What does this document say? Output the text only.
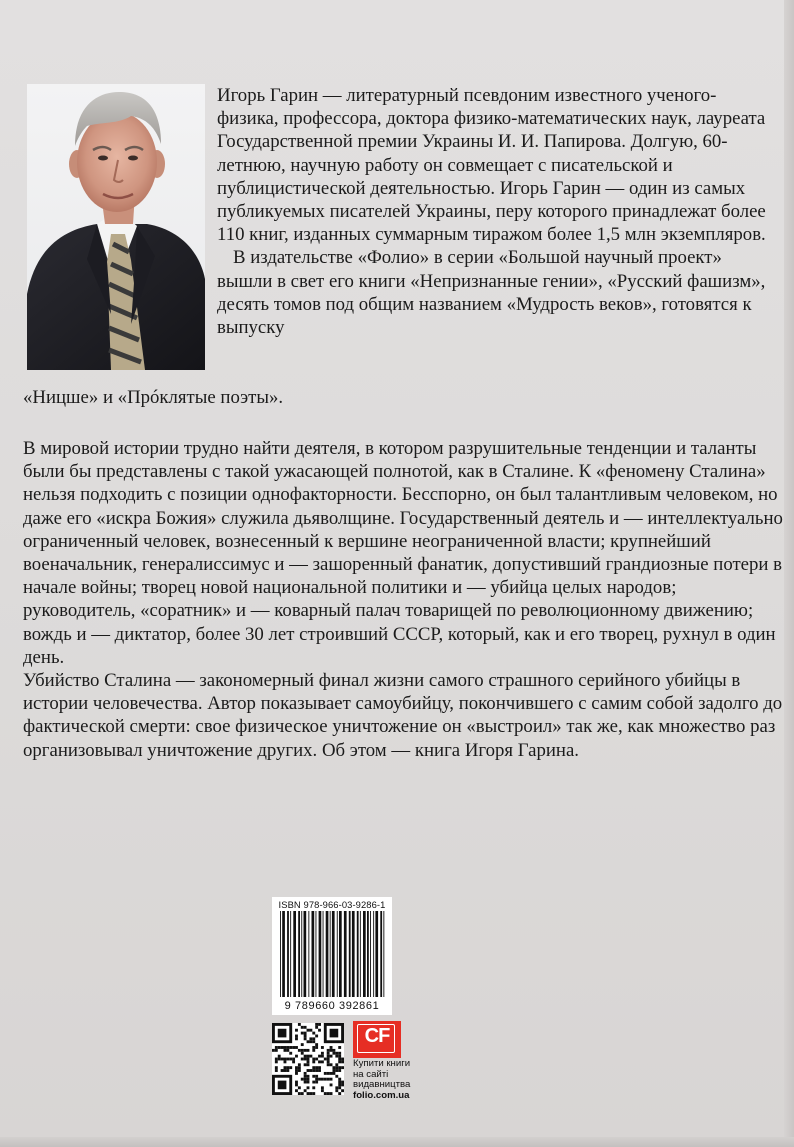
Игорь Гарин — литературный псевдоним известного ученого-физика, профессора, доктора физико-математических наук, лауреата Государственной премии Украины И. И. Папирова. Долгую, 60-летнюю, научную работу он совмещает с писательской и публицистической деятельностью. Игорь Гарин — один из самых публикуемых писателей Украины, перу которого принадлежат более 110 книг, изданных суммарным тиражом более 1,5 млн экземпляров.

В издательстве «Фолио» в серии «Большой научный проект» вышли в свет его книги «Непризнанные гении», «Русский фашизм», десять томов под общим названием «Мудрость веков», готовятся к выпуску

«Ницше» и «Прóклятые поэты».

В мировой истории трудно найти деятеля, в котором разрушительные тенденции и таланты были бы представлены с такой ужасающей полнотой, как в Сталине. К «феномену Сталина» нельзя подходить с позиции однофакторности. Бесспорно, он был талантливым человеком, но даже его «искра Божия» служила дьяволщине. Государственный деятель и — интеллектуально ограниченный человек, вознесенный к вершине неограниченной власти; крупнейший военачальник, генералиссимус и — зашоренный фанатик, допустивший грандиозные потери в начале войны; творец новой национальной политики и — убийца целых народов; руководитель, «соратник» и — коварный палач товарищей по революционному движению; вождь и — диктатор, более 30 лет строивший СССР, который, как и его творец, рухнул в один день.

Убийство Сталина — закономерный финал жизни самого страшного серийного убийцы в истории человечества. Автор показывает самоубийцу, покончившего с самим собой задолго до фактической смерти: свое физическое уничтожение он «выстроил» так же, как множество раз организовывал уничтожение других. Об этом — книга Игоря Гарина.

ISBN 978-966-03-9286-1
9 789660 392861
CF
Купити книги
на сайті
видавництва
folio.com.ua
